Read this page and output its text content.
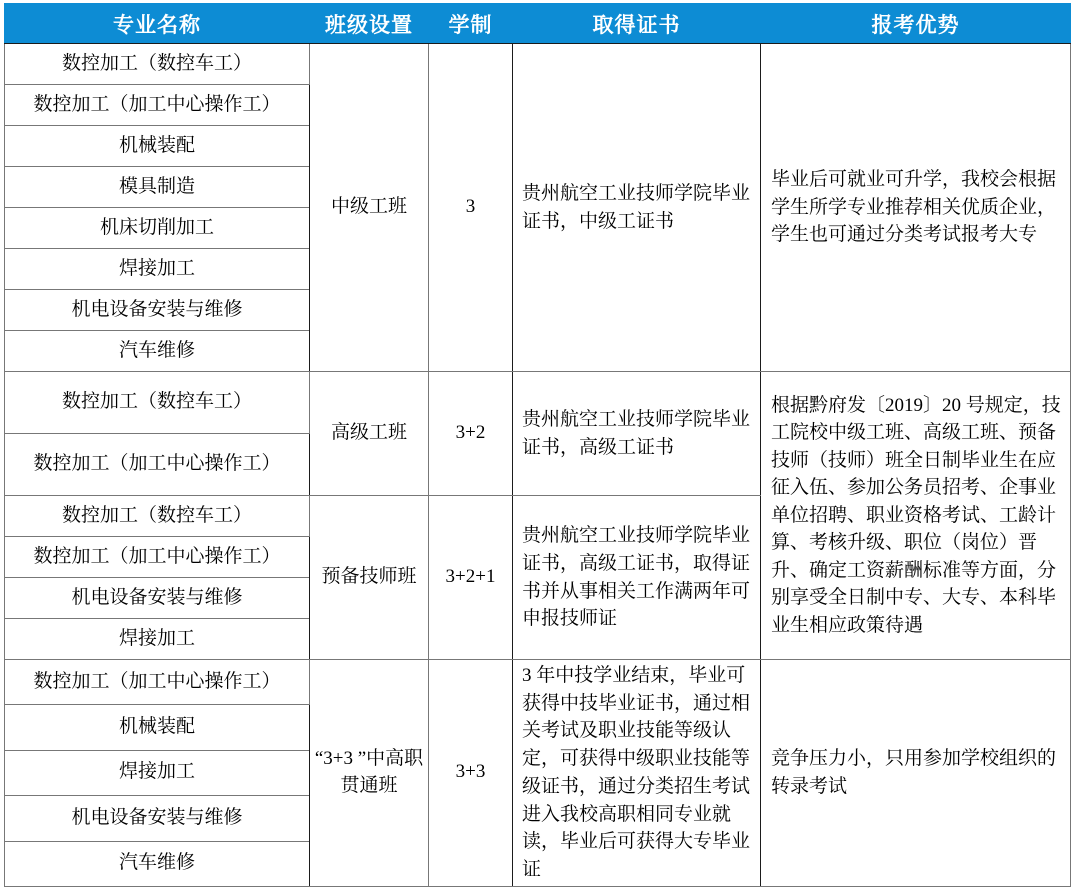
专业名称	班级设置	学制	取得证书	报考优势
数控加工（数控车工）	中级工班	3	贵州航空工业技师学院毕业证书，中级工证书	毕业后可就业可升学，我校会根据学生所学专业推荐相关优质企业，学生也可通过分类考试报考大专
数控加工（加工中心操作工）				
机械装配				
模具制造				
机床切削加工				
焊接加工				
机电设备安装与维修				
汽车维修				
数控加工（数控车工）	高级工班	3+2	贵州航空工业技师学院毕业证书，高级工证书	根据黔府发〔2019〕20 号规定，技工院校中级工班、高级工班、预备技师（技师）班全日制毕业生在应征入伍、参加公务员招考、企事业单位招聘、职业资格考试、工龄计算、考核升级、职位（岗位）晋升、确定工资薪酬标准等方面，分别享受全日制中专、大专、本科毕业生相应政策待遇
数控加工（加工中心操作工）				
数控加工（数控车工）	预备技师班	3+2+1	贵州航空工业技师学院毕业证书，高级工证书，取得证书并从事相关工作满两年可申报技师证	
数控加工（加工中心操作工）				
机电设备安装与维修				
焊接加工				
数控加工（加工中心操作工）	“3+3 ”中高职贯通班	3+3	3 年中技学业结束，毕业可获得中技毕业证书，通过相关考试及职业技能等级认定，可获得中级职业技能等级证书，通过分类招生考试进入我校高职相同专业就读，毕业后可获得大专毕业证	竞争压力小，只用参加学校组织的转录考试
机械装配				
焊接加工				
机电设备安装与维修				
汽车维修				
